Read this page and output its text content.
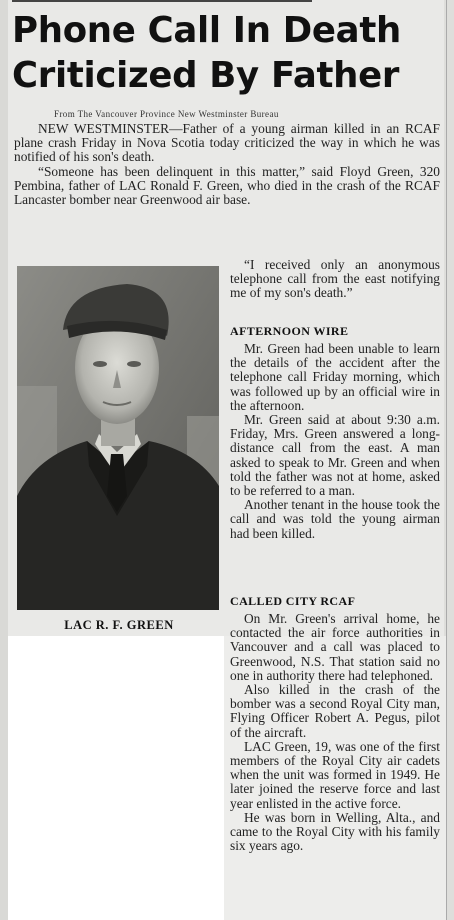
Phone Call In Death
Criticized By Father
From The Vancouver Province New Westminster Bureau

NEW WESTMINSTER—Father of a young airman killed in an RCAF plane crash Friday in Nova Scotia today criticized the way in which he was notified of his son's death.

“Someone has been delinquent in this matter,” said Floyd Green, 320 Pembina, father of LAC Ronald F. Green, who died in the crash of the RCAF Lancaster bomber near Greenwood air base.

LAC R. F. GREEN

“I received only an anonymous telephone call from the east notifying me of my son's death.”

AFTERNOON WIRE

Mr. Green had been unable to learn the details of the accident after the telephone call Friday morning, which was followed up by an official wire in the afternoon.

Mr. Green said at about 9:30 a.m. Friday, Mrs. Green answered a long-distance call from the east. A man asked to speak to Mr. Green and when told the father was not at home, asked to be referred to a man.

Another tenant in the house took the call and was told the young airman had been killed.

CALLED CITY RCAF

On Mr. Green's arrival home, he contacted the air force authorities in Vancouver and a call was placed to Greenwood, N.S. That station said no one in authority there had telephoned.

Also killed in the crash of the bomber was a second Royal City man, Flying Officer Robert A. Pegus, pilot of the aircraft.

LAC Green, 19, was one of the first members of the Royal City air cadets when the unit was formed in 1949. He later joined the reserve force and last year enlisted in the active force.

He was born in Welling, Alta., and came to the Royal City with his family six years ago.
